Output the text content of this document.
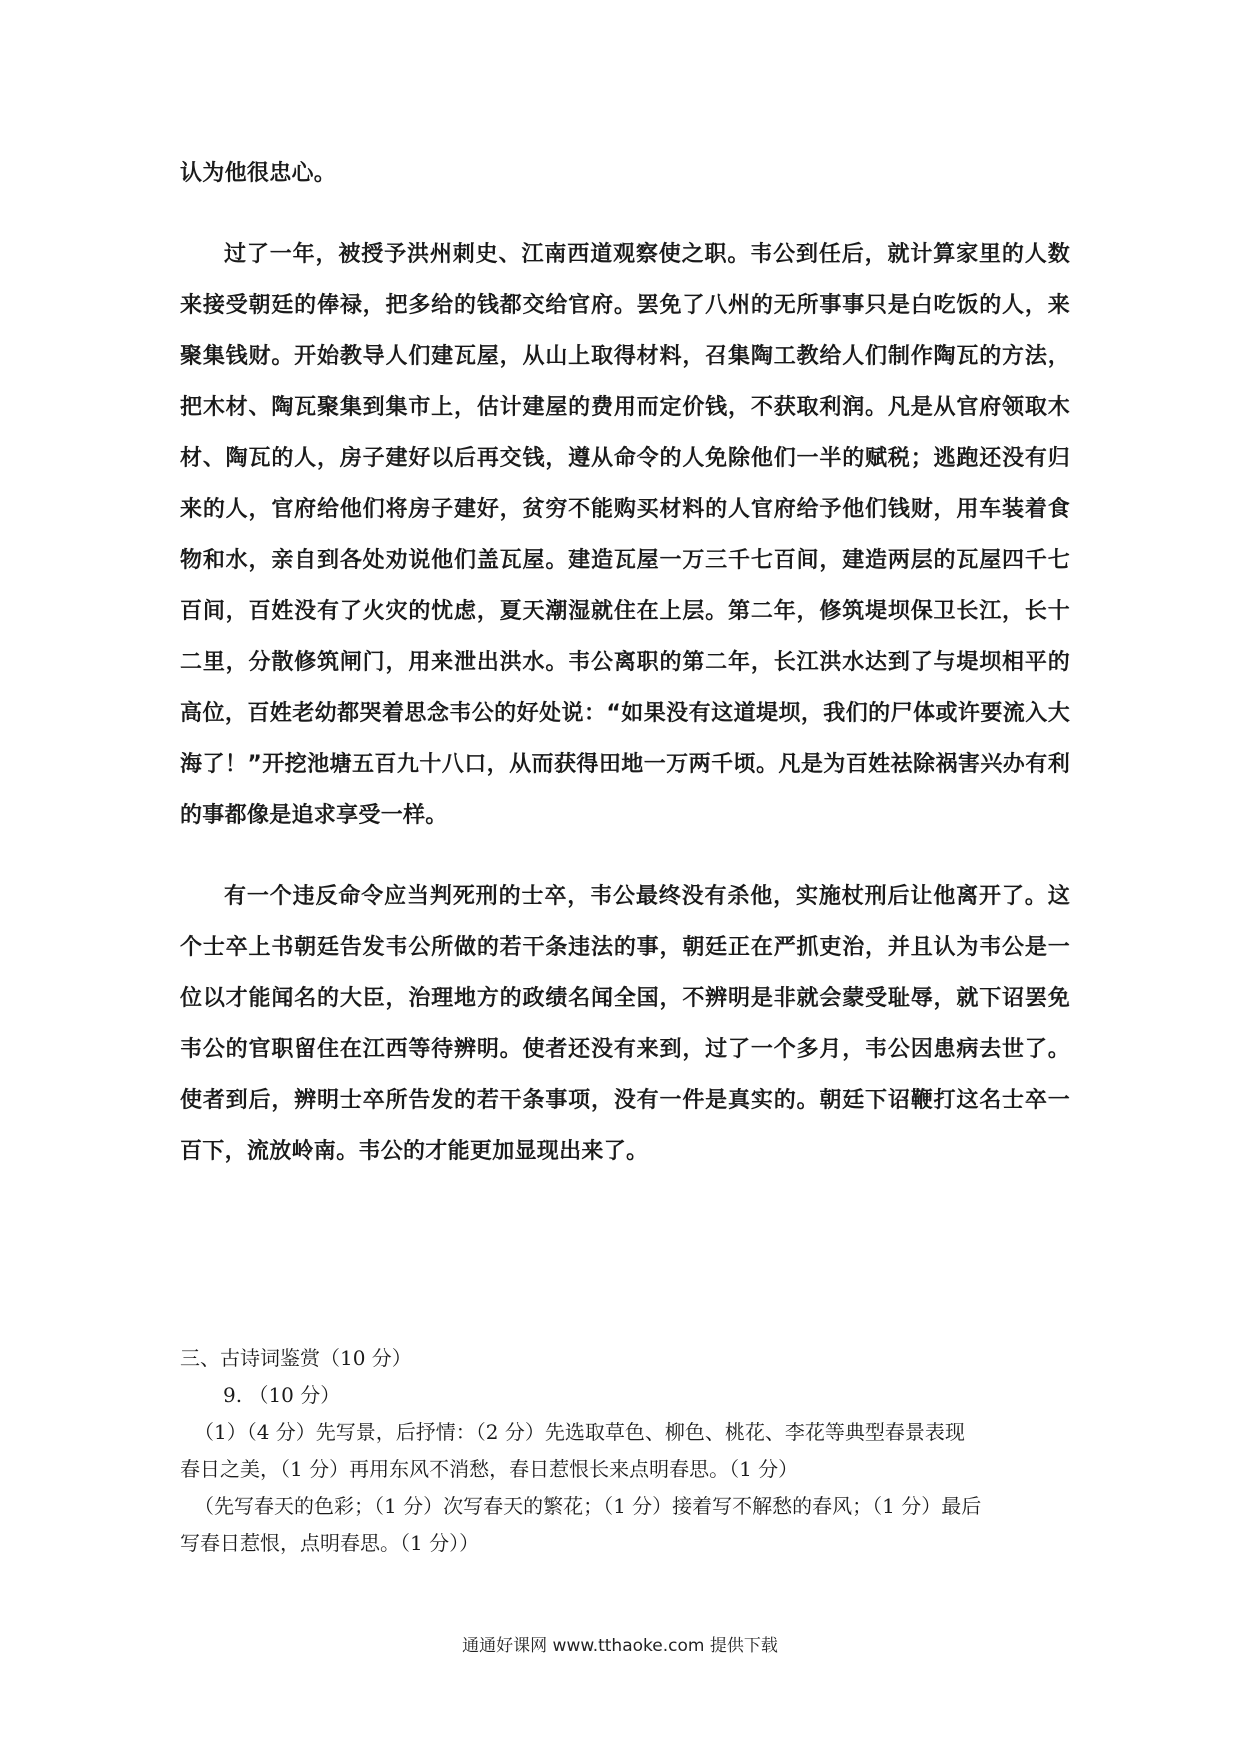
认为他很忠心。

过了一年，被授予洪州刺史、江南西道观察使之职。韦公到任后，就计算家里的人数来接受朝廷的俸禄，把多给的钱都交给官府。罢免了八州的无所事事只是白吃饭的人，来聚集钱财。开始教导人们建瓦屋，从山上取得材料，召集陶工教给人们制作陶瓦的方法，把木材、陶瓦聚集到集市上，估计建屋的费用而定价钱，不获取利润。凡是从官府领取木材、陶瓦的人，房子建好以后再交钱，遵从命令的人免除他们一半的赋税；逃跑还没有归来的人，官府给他们将房子建好，贫穷不能购买材料的人官府给予他们钱财，用车装着食物和水，亲自到各处劝说他们盖瓦屋。建造瓦屋一万三千七百间，建造两层的瓦屋四千七百间，百姓没有了火灾的忧虑，夏天潮湿就住在上层。第二年，修筑堤坝保卫长江，长十二里，分散修筑闸门，用来泄出洪水。韦公离职的第二年，长江洪水达到了与堤坝相平的高位，百姓老幼都哭着思念韦公的好处说：“如果没有这道堤坝，我们的尸体或许要流入大海了！”开挖池塘五百九十八口，从而获得田地一万两千顷。凡是为百姓祛除祸害兴办有利的事都像是追求享受一样。

有一个违反命令应当判死刑的士卒，韦公最终没有杀他，实施杖刑后让他离开了。这个士卒上书朝廷告发韦公所做的若干条违法的事，朝廷正在严抓吏治，并且认为韦公是一位以才能闻名的大臣，治理地方的政绩名闻全国，不辨明是非就会蒙受耻辱，就下诏罢免韦公的官职留住在江西等待辨明。使者还没有来到，过了一个多月，韦公因患病去世了。使者到后，辨明士卒所告发的若干条事项，没有一件是真实的。朝廷下诏鞭打这名士卒一百下，流放岭南。韦公的才能更加显现出来了。

三、古诗词鉴赏（10 分）

9. （10 分）

（1）（4 分）先写景，后抒情：（2 分）先选取草色、柳色、桃花、李花等典型春景表现

春日之美，（1 分）再用东风不消愁，春日惹恨长来点明春思。（1 分）

（先写春天的色彩；（1 分）次写春天的繁花；（1 分）接着写不解愁的春风；（1 分）最后

写春日惹恨，点明春思。（1 分））

通通好课网 www.tthaoke.com 提供下载
